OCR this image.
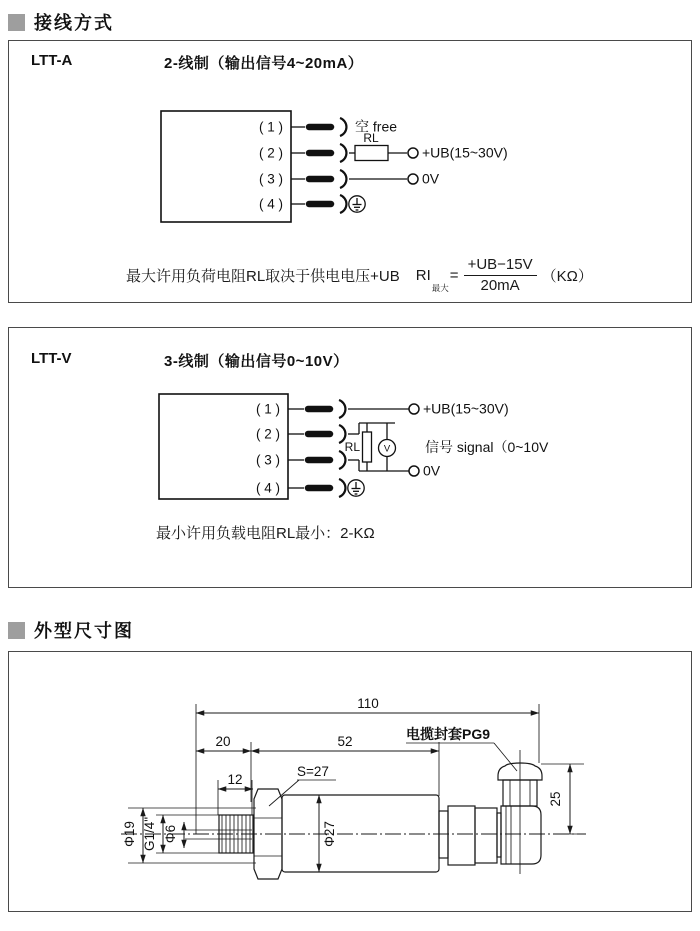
接线方式
LTT-A	2-线制（输出信号4~20mA）
( 1 )	空 free
( 2 )
RL
+UB(15~30V)
( 3 )	0V
( 4 )
最大许用负荷电阻RL取决于供电电压+UB RI
最大
= $\frac{+UB-15V}{20mA} (K\Omega)$
LTT-V	3-线制（输出信号0~10V）
( 1 )	+UB(15~30V)
( 2 )
RL	V 信号 signal（0~10V
( 3 )
0V
( 4 )
最小许用负载电阻RL最小：2-KΩ
外型尺寸图
110
20	52
12
25
Φ27
Φ19 G1/4" Φ6
S=27
电揽封套PG9
